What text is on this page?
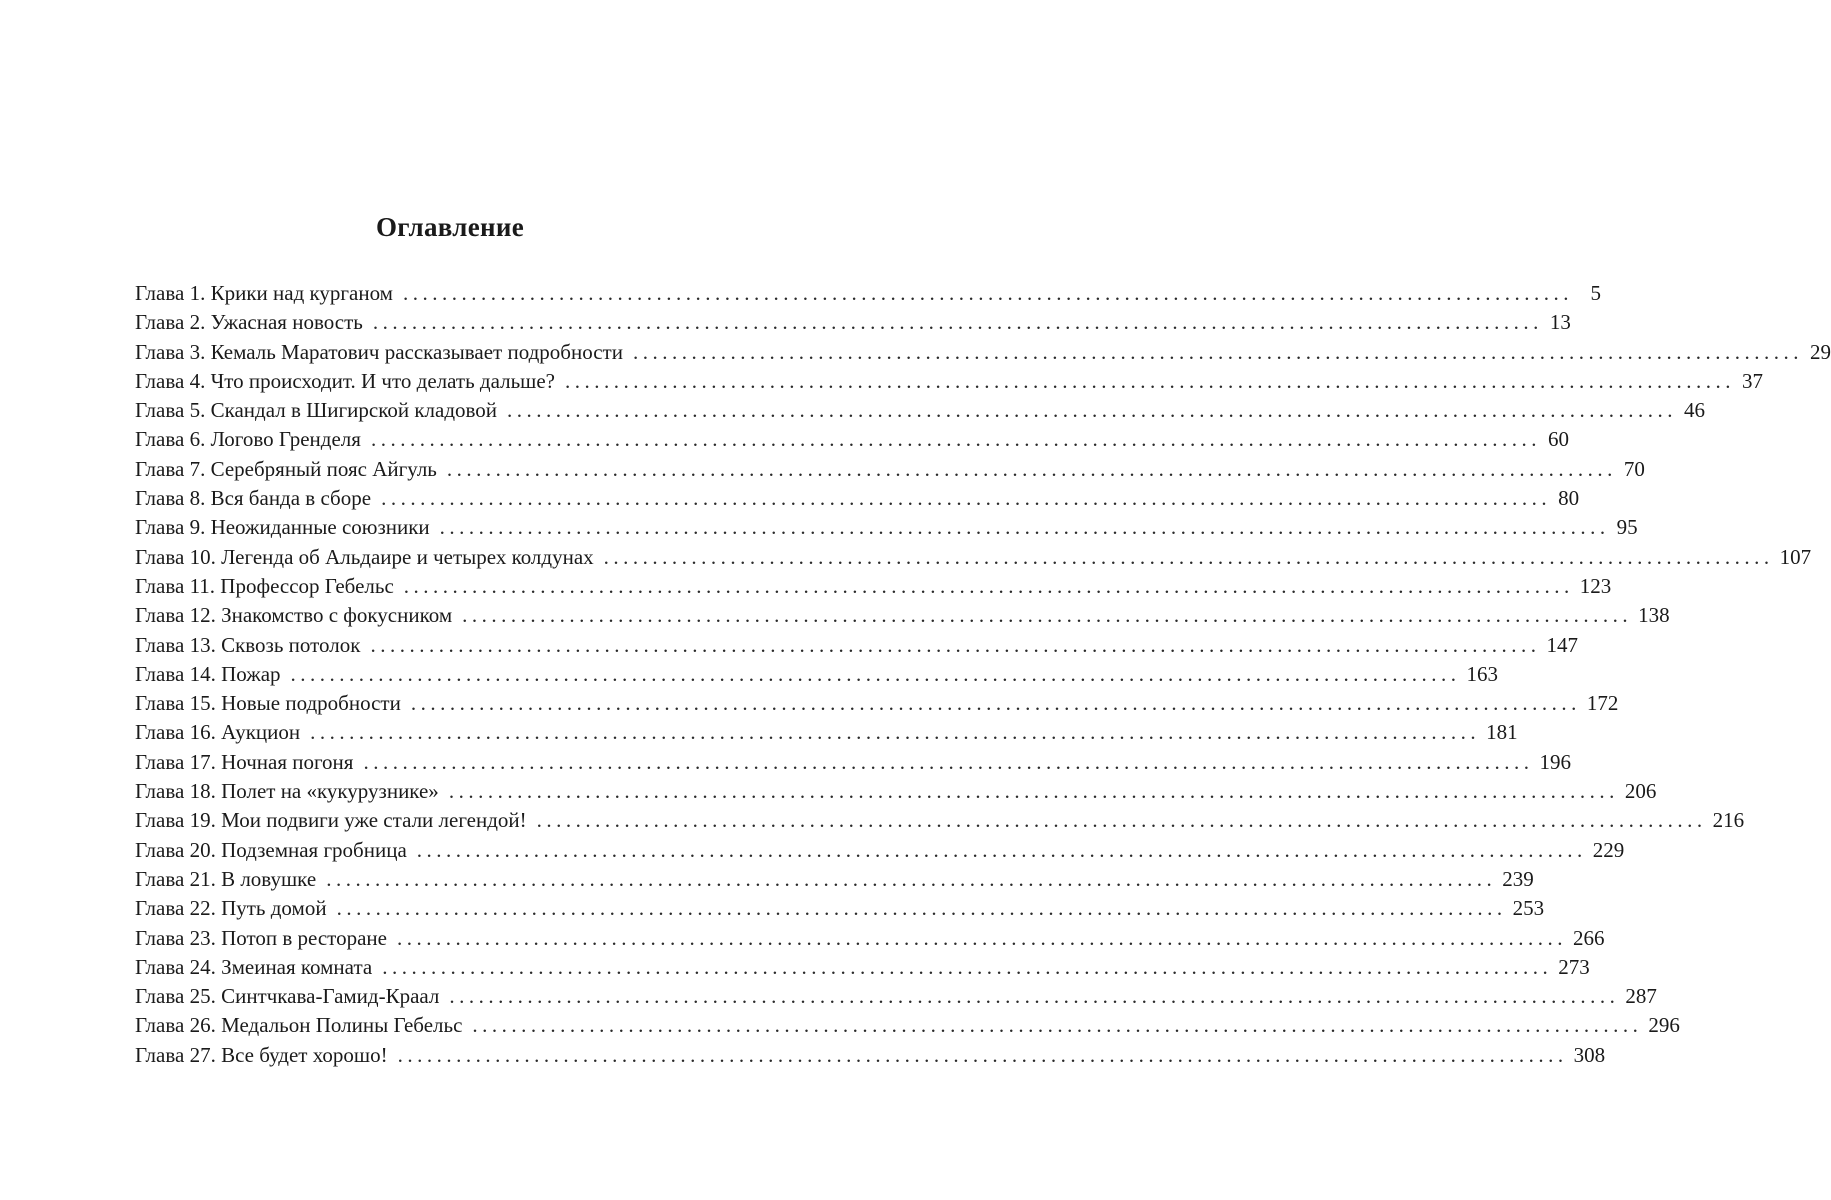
Оглавление
Глава 1. Крики над курганом ........................................................................................................................ 5
Глава 2. Ужасная новость ........................................................................................................................ 13
Глава 3. Кемаль Маратович рассказывает подробности ........................................................................................................................ 29
Глава 4. Что происходит. И что делать дальше? ........................................................................................................................ 37
Глава 5. Скандал в Шигирской кладовой ........................................................................................................................ 46
Глава 6. Логово Гренделя ........................................................................................................................ 60
Глава 7. Серебряный пояс Айгуль ........................................................................................................................ 70
Глава 8. Вся банда в сборе ........................................................................................................................ 80
Глава 9. Неожиданные союзники ........................................................................................................................ 95
Глава 10. Легенда об Альдаире и четырех колдунах ........................................................................................................................ 107
Глава 11. Профессор Гебельс ........................................................................................................................ 123
Глава 12. Знакомство с фокусником ........................................................................................................................ 138
Глава 13. Сквозь потолок ........................................................................................................................ 147
Глава 14. Пожар ........................................................................................................................ 163
Глава 15. Новые подробности ........................................................................................................................ 172
Глава 16. Аукцион ........................................................................................................................ 181
Глава 17. Ночная погоня ........................................................................................................................ 196
Глава 18. Полет на «кукурузнике» ........................................................................................................................ 206
Глава 19. Мои подвиги уже стали легендой! ........................................................................................................................ 216
Глава 20. Подземная гробница ........................................................................................................................ 229
Глава 21. В ловушке ........................................................................................................................ 239
Глава 22. Путь домой ........................................................................................................................ 253
Глава 23. Потоп в ресторане ........................................................................................................................ 266
Глава 24. Змеиная комната ........................................................................................................................ 273
Глава 25. Синтчкава-Гамид-Краал ........................................................................................................................ 287
Глава 26. Медальон Полины Гебельс ........................................................................................................................ 296
Глава 27. Все будет хорошо! ........................................................................................................................ 308
